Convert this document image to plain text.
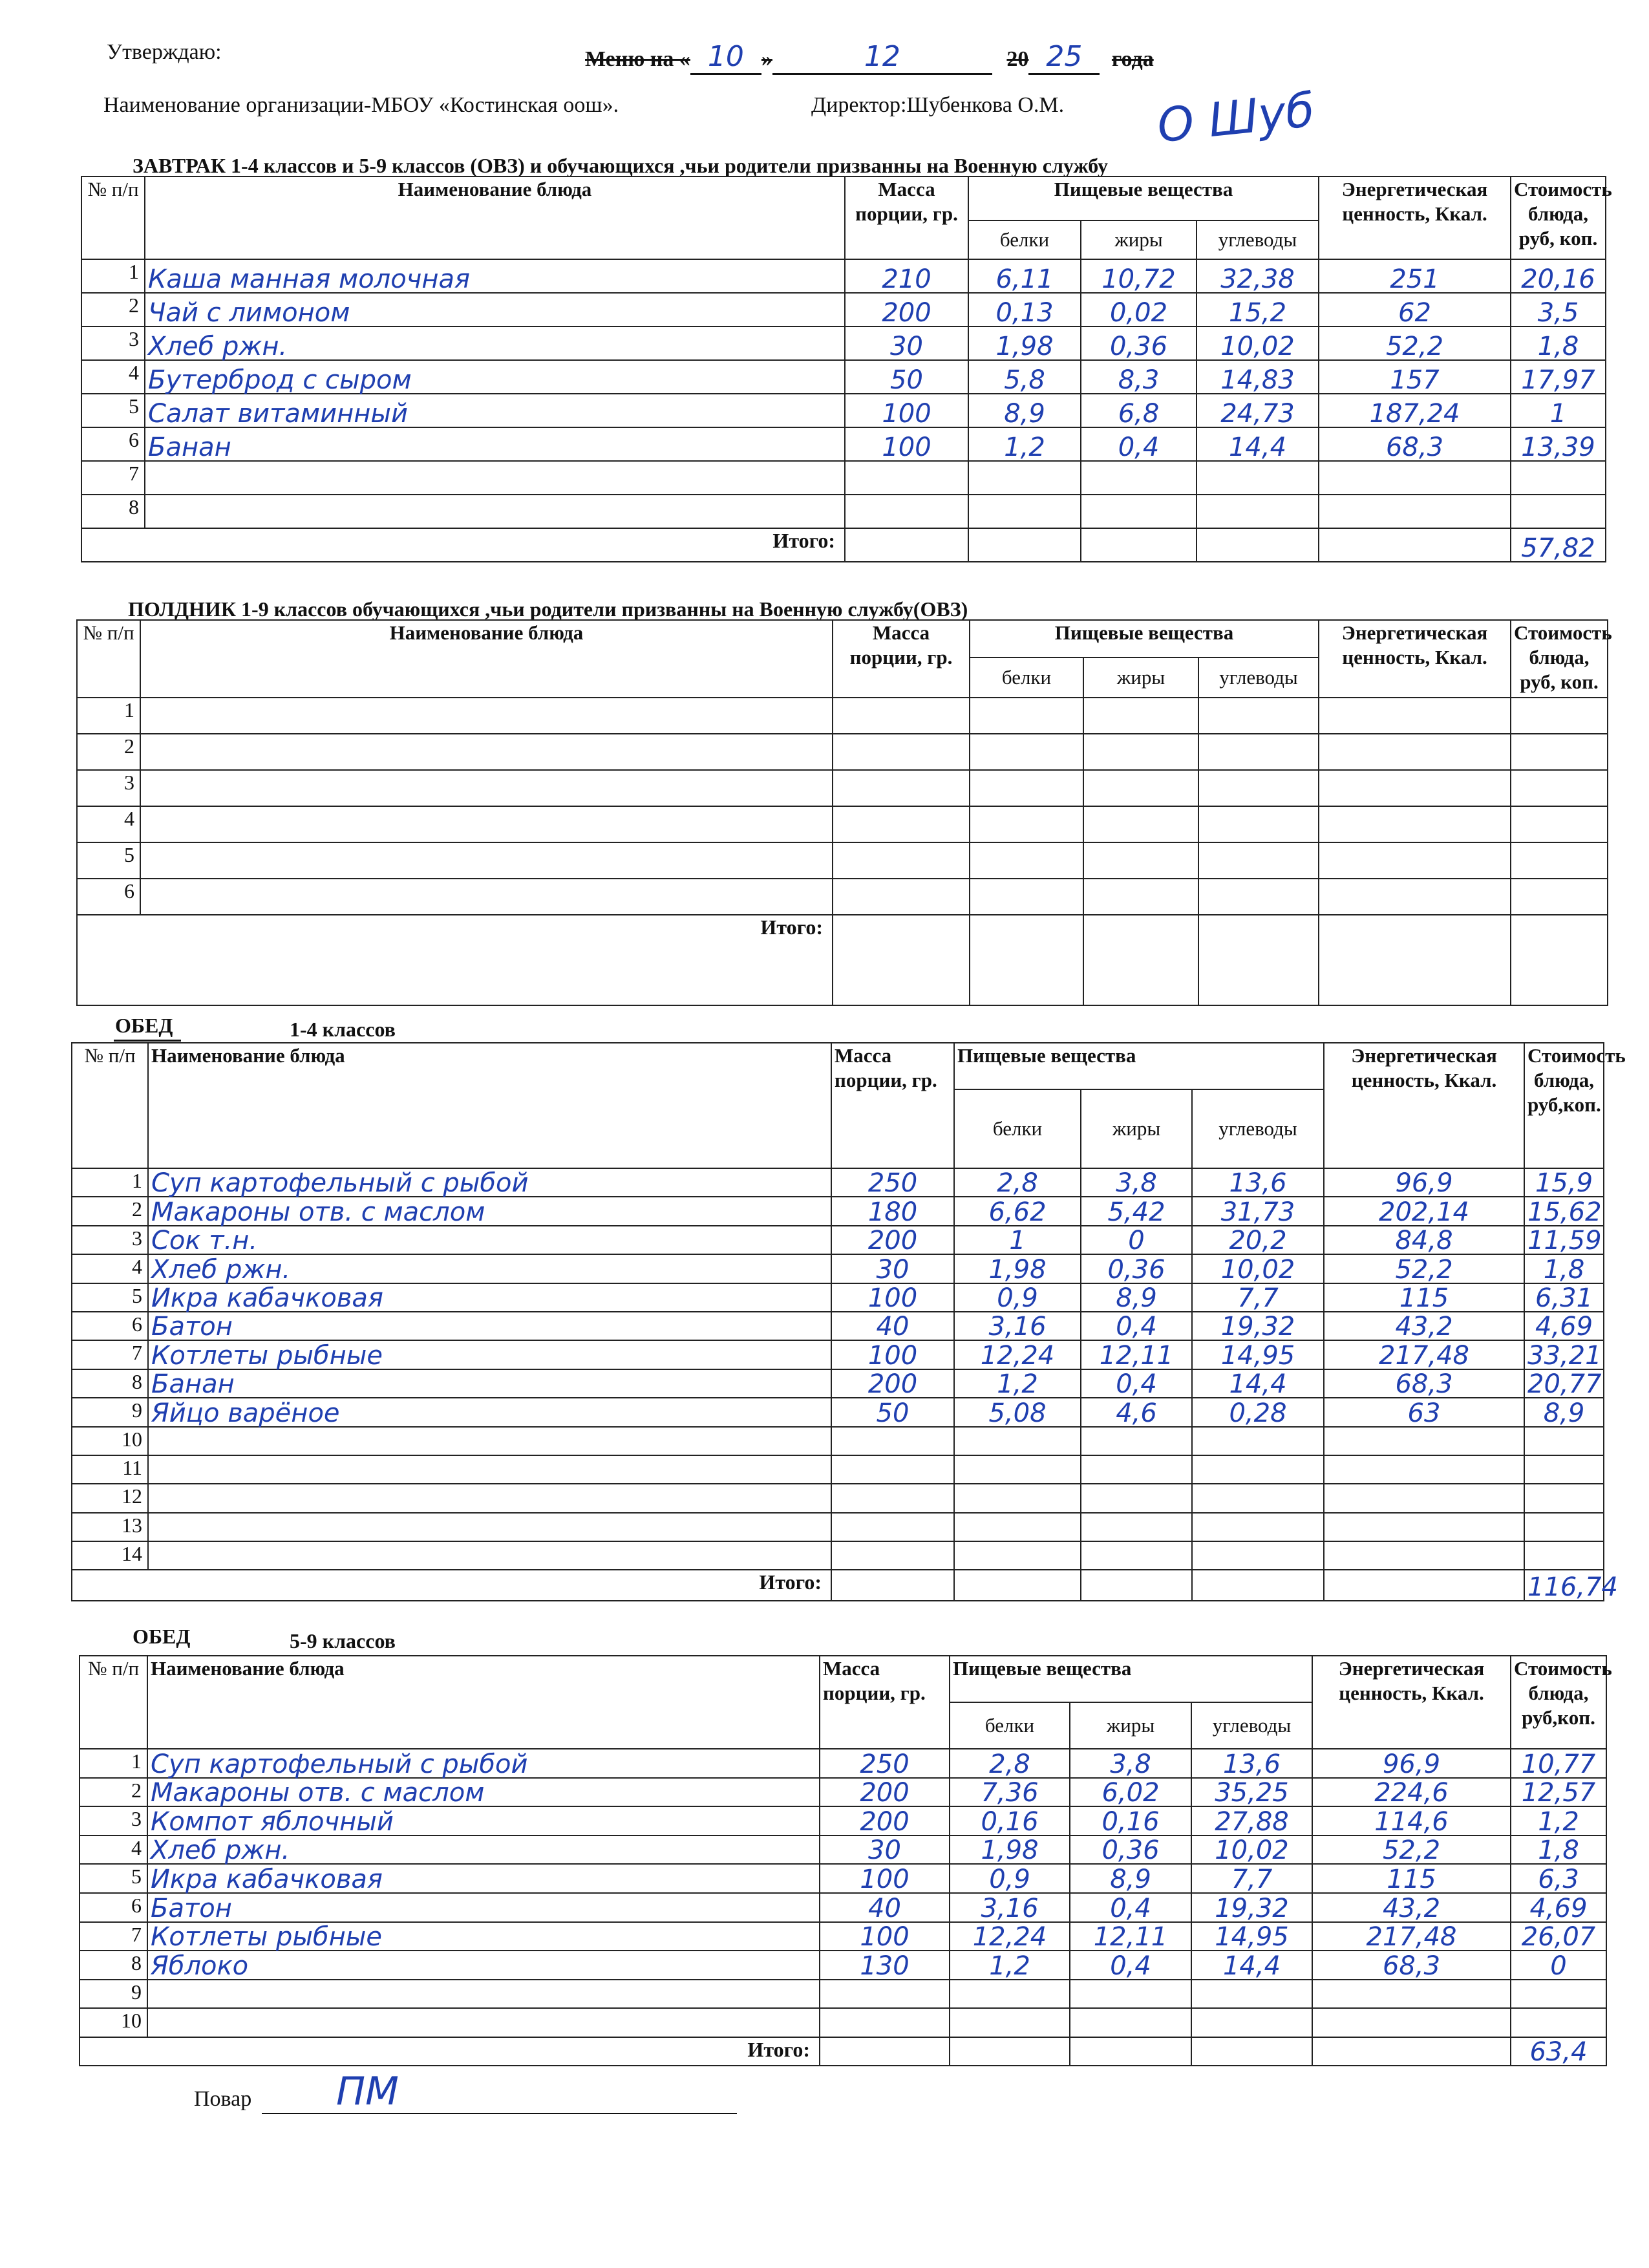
Утверждаю:	Меню на « 10 »	12	20 25 года
Наименование организации-МБОУ «Костинская оош».	Директор:Шубенкова О.М. О Шуб
ЗАВТРАК 1-4 классов и 5-9 классов (ОВЗ) и обучающихся ,чьи родители призванны на Военную службу
№ п/п	Наименование блюда	Масса порции, гр.	Пищевые вещества			Энергетическая ценность, Ккал.	Стоимость блюда, руб, коп.
			белки	жиры	углеводы		
1	Каша манная молочная	210	6,11	10,72	32,38	251	20,16
2	Чай с лимоном	200	0,13	0,02	15,2	62	3,5
3	Хлеб ржн.	30	1,98	0,36	10,02	52,2	1,8
4	Бутерброд с сыром	50	5,8	8,3	14,83	157	17,97
5	Салат витаминный	100	8,9	6,8	24,73	187,24	1
6	Банан	100	1,2	0,4	14,4	68,3	13,39
7							
8							
Итого:							57,82
ПОЛДНИК 1-9 классов обучающихся ,чьи родители призванны на Военную службу(ОВЗ)
№ п/п	Наименование блюда	Масса порции, гр.	Пищевые вещества			Энергетическая ценность, Ккал.	Стоимость блюда, руб, коп.
			белки	жиры	углеводы		
1							
2							
3							
4							
5							
6							
Итого:							
ОБЕД	1-4 классов
№ п/п	Наименование блюда	Масса порции, гр.	Пищевые вещества			Энергетическая ценность, Ккал.	Стоимость блюда, руб,коп.
			белки	жиры	углеводы		
1	Суп картофельный с рыбой	250	2,8	3,8	13,6	96,9	15,9
2	Макароны отв. с маслом	180	6,62	5,42	31,73	202,14	15,62
3	Сок т.н.	200	1	0	20,2	84,8	11,59
4	Хлеб ржн.	30	1,98	0,36	10,02	52,2	1,8
5	Икра кабачковая	100	0,9	8,9	7,7	115	6,31
6	Батон	40	3,16	0,4	19,32	43,2	4,69
7	Котлеты рыбные	100	12,24	12,11	14,95	217,48	33,21
8	Банан	200	1,2	0,4	14,4	68,3	20,77
9	Яйцо варёное	50	5,08	4,6	0,28	63	8,9
10							
11							
12							
13							
14							
Итого:							116,74
ОБЕД	5-9 классов
№ п/п	Наименование блюда	Масса порции, гр.	Пищевые вещества			Энергетическая ценность, Ккал.	Стоимость блюда, руб,коп.
			белки	жиры	углеводы		
1	Суп картофельный с рыбой	250	2,8	3,8	13,6	96,9	10,77
2	Макароны отв. с маслом	200	7,36	6,02	35,25	224,6	12,57
3	Компот яблочный	200	0,16	0,16	27,88	114,6	1,2
4	Хлеб ржн.	30	1,98	0,36	10,02	52,2	1,8
5	Икра кабачковая	100	0,9	8,9	7,7	115	6,3
6	Батон	40	3,16	0,4	19,32	43,2	4,69
7	Котлеты рыбные	100	12,24	12,11	14,95	217,48	26,07
8	Яблоко	130	1,2	0,4	14,4	68,3	0
9							
10							
Итого:							63,4
Повар ПМ
